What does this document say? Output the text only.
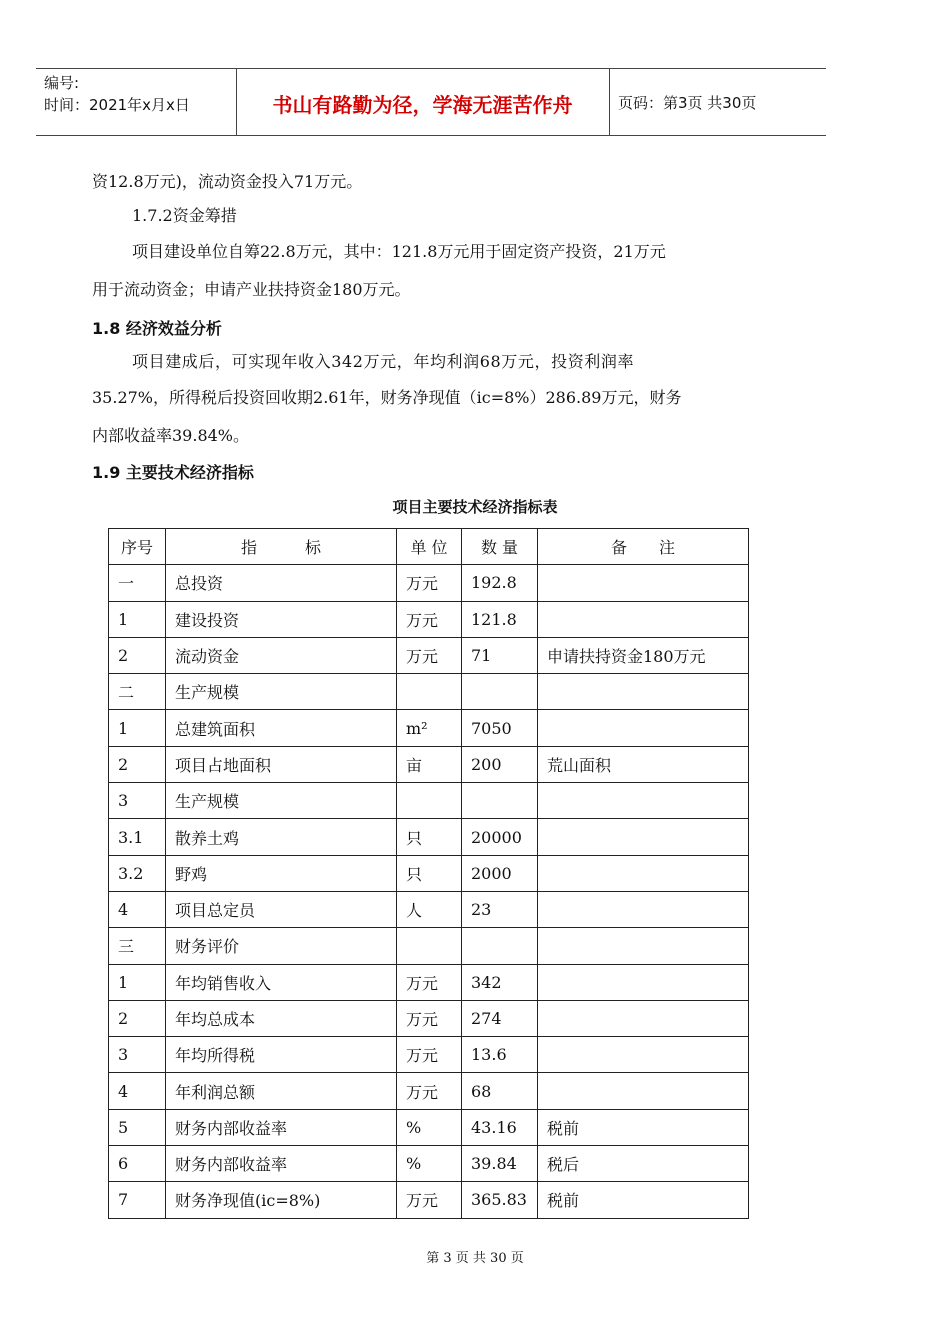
编号:
时间：2021年x月x日	书山有路勤为径，学海无涯苦作舟	页码：第3页 共30页
资12.8万元)，流动资金投入71万元。
1.7.2资金筹措
项目建设单位自筹22.8万元，其中：121.8万元用于固定资产投资，21万元
用于流动资金；申请产业扶持资金180万元。
1.8 经济效益分析
项目建成后，可实现年收入342万元，年均利润68万元，投资利润率
35.27%，所得税后投资回收期2.61年，财务净现值（ic=8%）286.89万元，财务
内部收益率39.84%。
1.9 主要技术经济指标
项目主要技术经济指标表
序号	指　　　标	单 位	数 量	备　　注
一	总投资	万元	192.8	
1	建设投资	万元	121.8	
2	流动资金	万元	71	申请扶持资金180万元
二	生产规模			
1	总建筑面积	m²	7050	
2	项目占地面积	亩	200	荒山面积
3	生产规模			
3.1	散养土鸡	只	20000	
3.2	野鸡	只	2000	
4	项目总定员	人	23	
三	财务评价			
1	年均销售收入	万元	342	
2	年均总成本	万元	274	
3	年均所得税	万元	13.6	
4	年利润总额	万元	68	
5	财务内部收益率	%	43.16	税前
6	财务内部收益率	%	39.84	税后
7	财务净现值(ic=8%)	万元	365.83	税前
第 3 页 共 30 页
